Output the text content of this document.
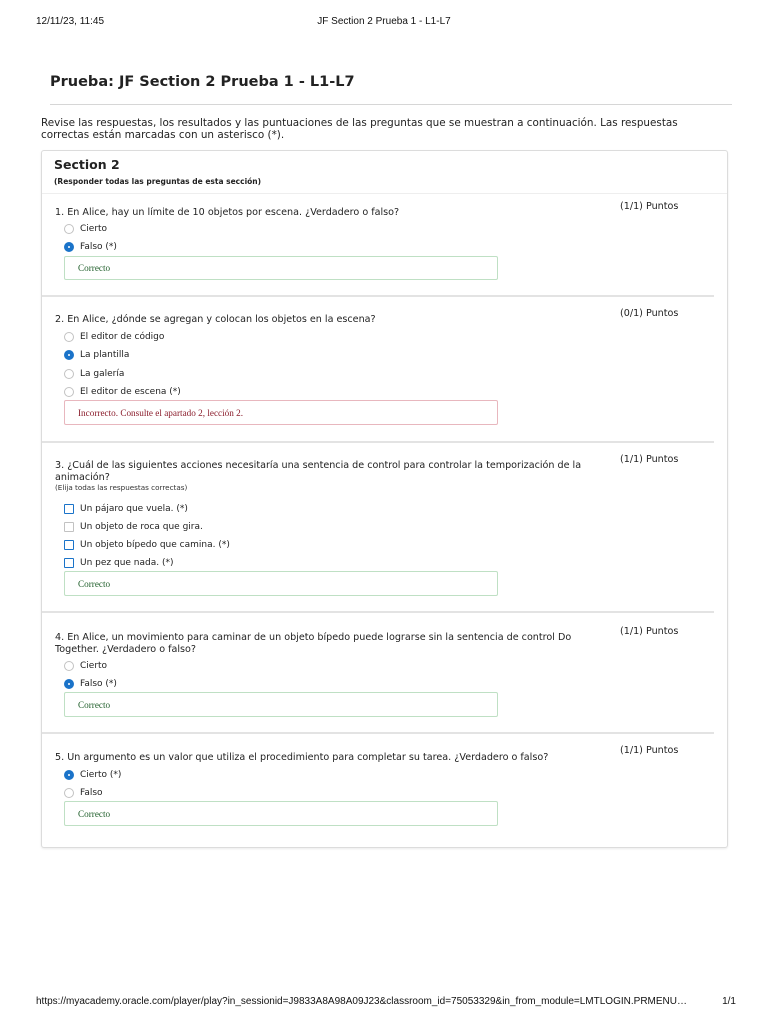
12/11/23, 11:45	JF Section 2 Prueba 1 - L1-L7
Prueba: JF Section 2 Prueba 1 - L1-L7
Revise las respuestas, los resultados y las puntuaciones de las preguntas que se muestran a continuación. Las respuestas correctas están marcadas con un asterisco (*).
Section 2
(Responder todas las preguntas de esta sección)
1. En Alice, hay un límite de 10 objetos por escena. ¿Verdadero o falso?
(1/1) Puntos
Cierto
Falso (*)
Correcto
2. En Alice, ¿dónde se agregan y colocan los objetos en la escena?
(0/1) Puntos
El editor de código
La plantilla
La galería
El editor de escena (*)
Incorrecto. Consulte el apartado 2, lección 2.
3. ¿Cuál de las siguientes acciones necesitaría una sentencia de control para controlar la temporización de la animación?
(1/1) Puntos
(Elija todas las respuestas correctas)
Un pájaro que vuela. (*)
Un objeto de roca que gira.
Un objeto bípedo que camina. (*)
Un pez que nada. (*)
Correcto
4. En Alice, un movimiento para caminar de un objeto bípedo puede lograrse sin la sentencia de control Do Together. ¿Verdadero o falso?
(1/1) Puntos
Cierto
Falso (*)
Correcto
5. Un argumento es un valor que utiliza el procedimiento para completar su tarea. ¿Verdadero o falso?
(1/1) Puntos
Cierto (*)
Falso
Correcto
https://myacademy.oracle.com/player/play?in_sessionid=J9833A8A98A09J23&classroom_id=75053329&in_from_module=LMTLOGIN.PRMENU…	1/1
